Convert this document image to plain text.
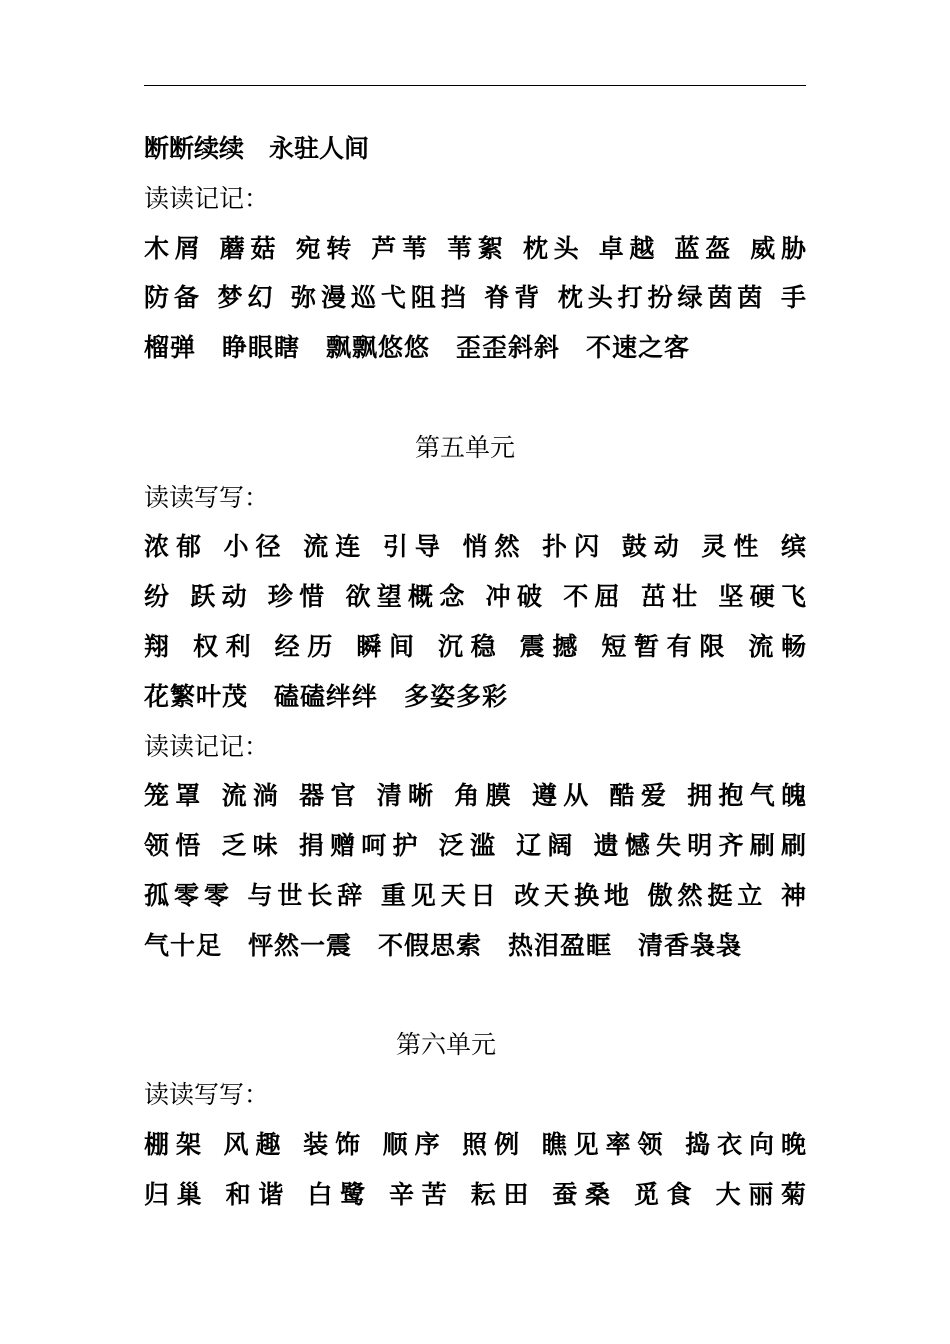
断断续续　永驻人间
读读记记：
木屑 蘑菇 宛转 芦苇 苇絮 枕头 卓越 蓝盔 威胁
防备 梦幻 弥漫巡弋阻挡 脊背 枕头打扮绿茵茵 手
榴弹　睁眼瞎　飘飘悠悠　歪歪斜斜　不速之客
第五单元
读读写写：
浓郁 小径 流连 引导 悄然 扑闪 鼓动 灵性 缤
纷 跃动 珍惜 欲望概念 冲破 不屈 茁壮 坚硬飞
翔 权利 经历 瞬间 沉稳 震撼 短暂有限 流畅
花繁叶茂　磕磕绊绊　多姿多彩
读读记记：
笼罩 流淌 器官 清晰 角膜 遵从 酷爱 拥抱气魄
领悟 乏味 捐赠呵护 泛滥 辽阔 遗憾失明齐刷刷
孤零零 与世长辞 重见天日 改天换地 傲然挺立 神
气十足　怦然一震　不假思索　热泪盈眶　清香袅袅
第六单元
读读写写：
棚架 风趣 装饰 顺序 照例 瞧见率领 捣衣向晚
归巢 和谐 白鹭 辛苦 耘田 蚕桑 觅食 大丽菊
